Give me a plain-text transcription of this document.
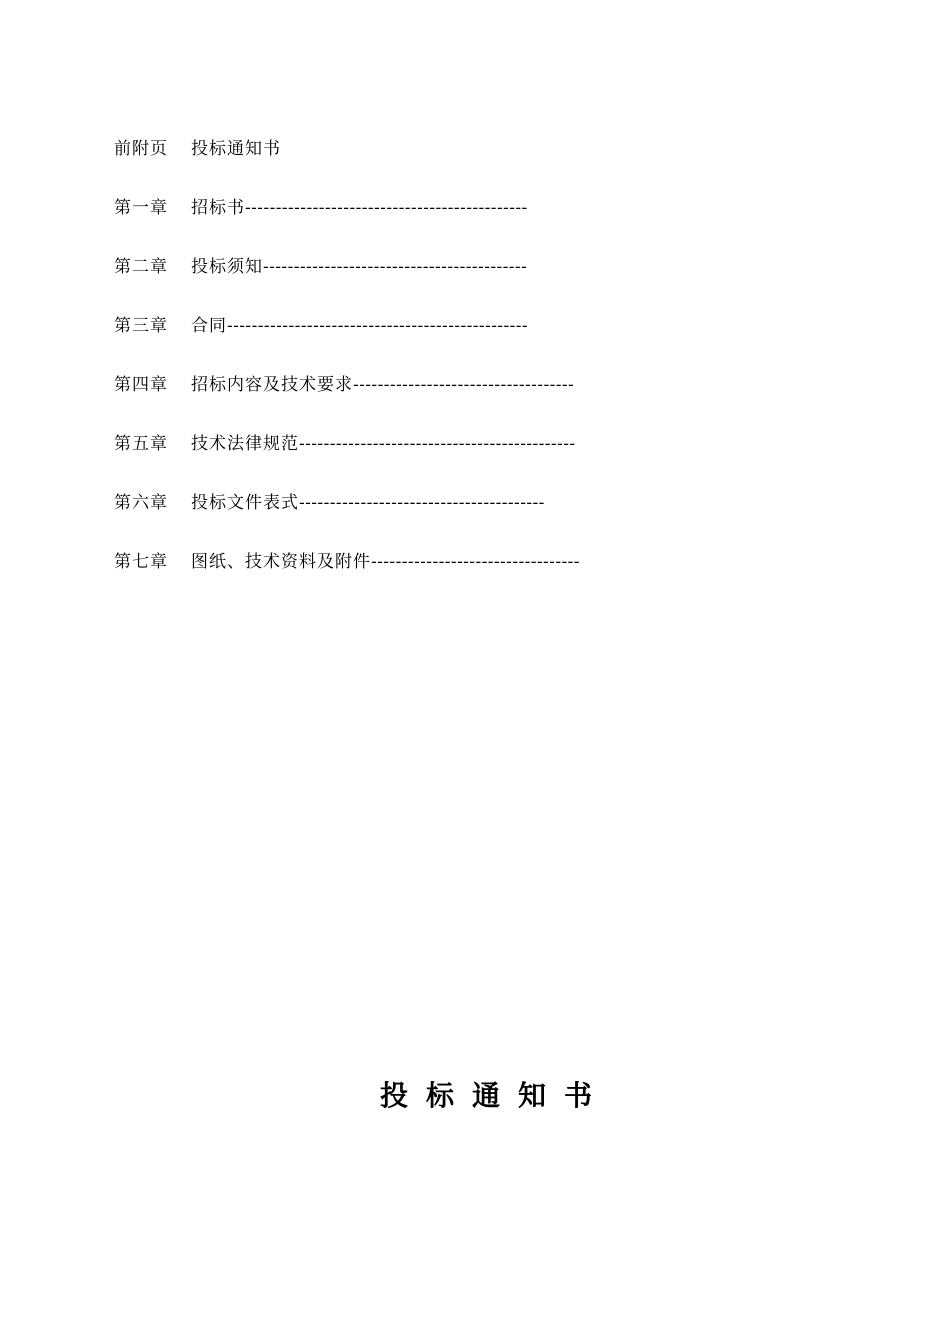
前附页 投标通知书
第一章 招标书----------------------------------------------
第二章 投标须知-------------------------------------------
第三章 合同-------------------------------------------------
第四章 招标内容及技术要求------------------------------------
第五章 技术法律规范---------------------------------------------
第六章 投标文件表式----------------------------------------
第七章 图纸、技术资料及附件----------------------------------
投标通知书
